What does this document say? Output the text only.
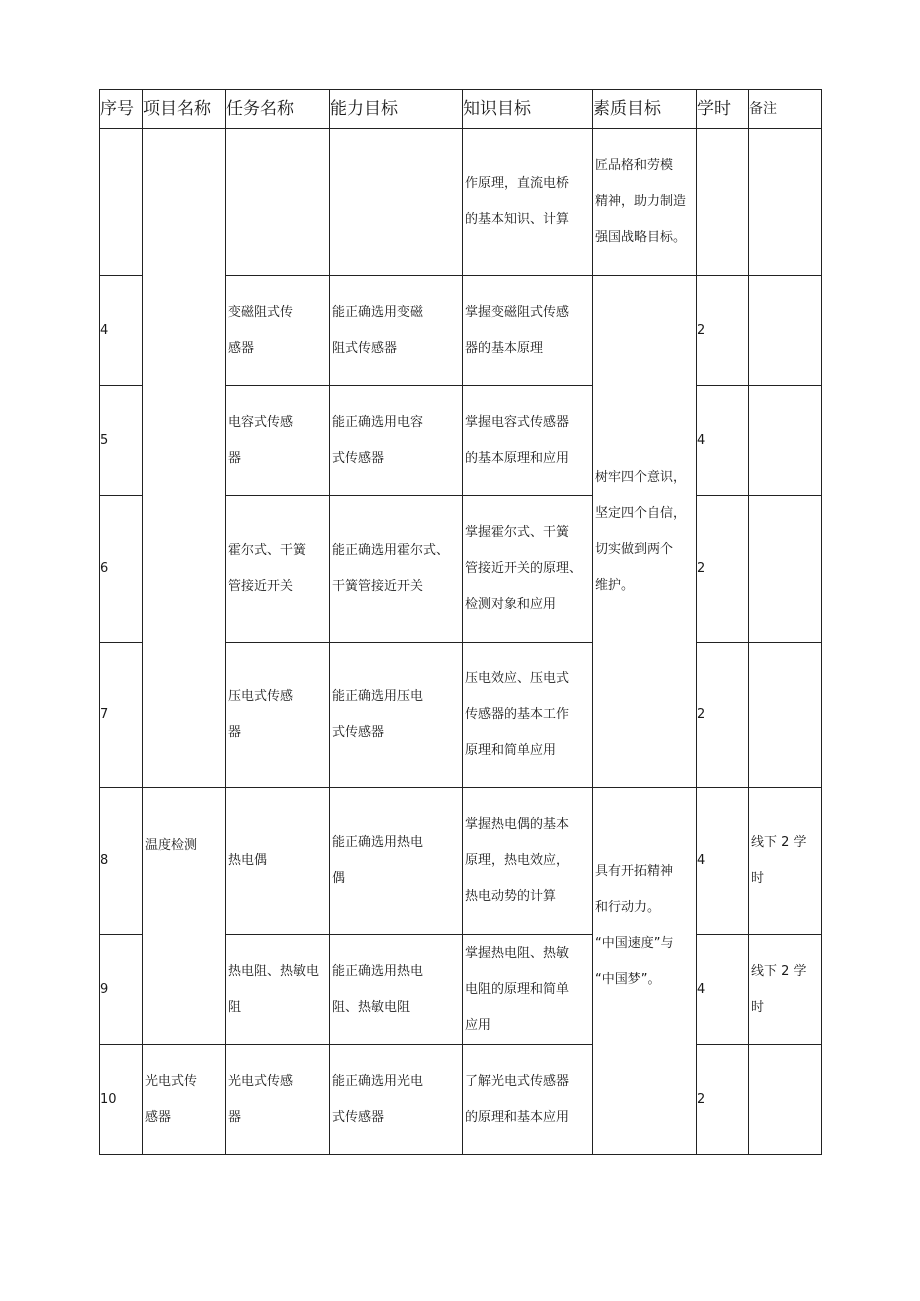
序号	项目名称	任务名称	能力目标	知识目标	素质目标	学时	备注

				作原理，直流电桥
的基本知识、计算	匠品格和劳模
精神，助力制造
强国战略目标。		

4		变磁阻式传
感器	能正确选用变磁
阻式传感器	掌握变磁阻式传感
器的基本原理	树牢四个意识，
坚定四个自信，
切实做到两个
维护。	2	
5		电容式传感
器	能正确选用电容
式传感器	掌握电容式传感器
的基本原理和应用		4	
6		霍尔式、干簧
管接近开关	能正确选用霍尔式、
干簧管接近开关	掌握霍尔式、干簧
管接近开关的原理、
检测对象和应用		2	
7		压电式传感
器	能正确选用压电
式传感器	压电效应、压电式
传感器的基本工作
原理和简单应用		2	
8	温度检测	热电偶	能正确选用热电
偶	掌握热电偶的基本
原理，热电效应，
热电动势的计算	具有开拓精神
和行动力。
“中国速度”与
“中国梦”。	4	线下 2 学
时

9		热电阻、热敏电
阻	能正确选用热电
阻、热敏电阻	掌握热电阻、热敏
电阻的原理和简单
应用		4	线下 2 学
时

10	光电式传
感器	光电式传感
器	能正确选用光电
式传感器	了解光电式传感器
的原理和基本应用		2	
